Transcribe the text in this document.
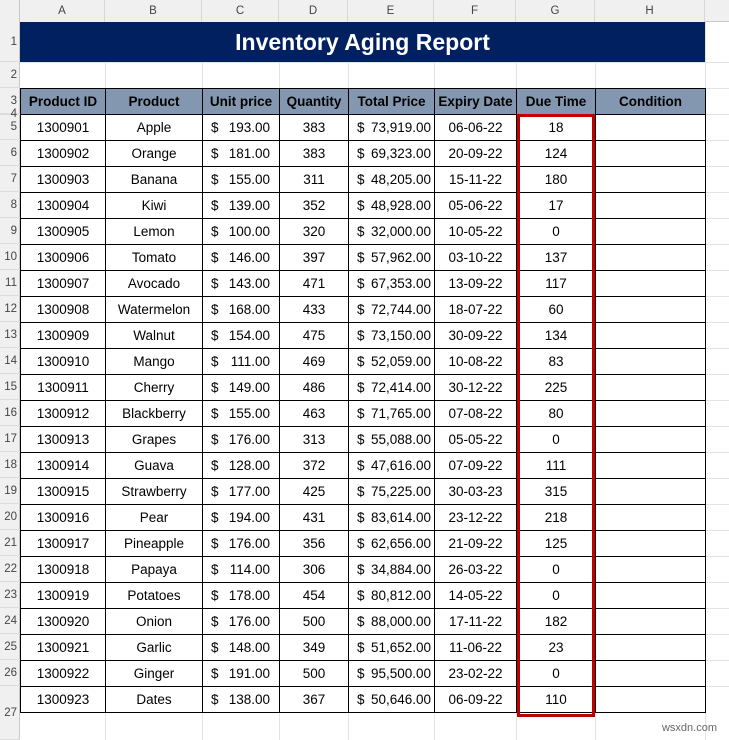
A	B	C	D	E	F	G	H
1
2
3
4
5
6
7
8
9
10
11
12
13
14
15
16
17
18
19
20
21
22
23
24
25
26
27
Inventory Aging Report
Product ID	Product	Unit price	Quantity	Total Price	Expiry Date	Due Time	Condition
1300901	Apple	$ 193.00	383	$ 73,919.00	06-06-22	18	
1300902	Orange	$ 181.00	383	$ 69,323.00	20-09-22	124	
1300903	Banana	$ 155.00	311	$ 48,205.00	15-11-22	180	
1300904	Kiwi	$ 139.00	352	$ 48,928.00	05-06-22	17	
1300905	Lemon	$ 100.00	320	$ 32,000.00	10-05-22	0	
1300906	Tomato	$ 146.00	397	$ 57,962.00	03-10-22	137	
1300907	Avocado	$ 143.00	471	$ 67,353.00	13-09-22	117	
1300908	Watermelon	$ 168.00	433	$ 72,744.00	18-07-22	60	
1300909	Walnut	$ 154.00	475	$ 73,150.00	30-09-22	134	
1300910	Mango	$ 111.00	469	$ 52,059.00	10-08-22	83	
1300911	Cherry	$ 149.00	486	$ 72,414.00	30-12-22	225	
1300912	Blackberry	$ 155.00	463	$ 71,765.00	07-08-22	80	
1300913	Grapes	$ 176.00	313	$ 55,088.00	05-05-22	0	
1300914	Guava	$ 128.00	372	$ 47,616.00	07-09-22	111	
1300915	Strawberry	$ 177.00	425	$ 75,225.00	30-03-23	315	
1300916	Pear	$ 194.00	431	$ 83,614.00	23-12-22	218	
1300917	Pineapple	$ 176.00	356	$ 62,656.00	21-09-22	125	
1300918	Papaya	$ 114.00	306	$ 34,884.00	26-03-22	0	
1300919	Potatoes	$ 178.00	454	$ 80,812.00	14-05-22	0	
1300920	Onion	$ 176.00	500	$ 88,000.00	17-11-22	182	
1300921	Garlic	$ 148.00	349	$ 51,652.00	11-06-22	23	
1300922	Ginger	$ 191.00	500	$ 95,500.00	23-02-22	0	
1300923	Dates	$ 138.00	367	$ 50,646.00	06-09-22	110	
wsxdn.com
